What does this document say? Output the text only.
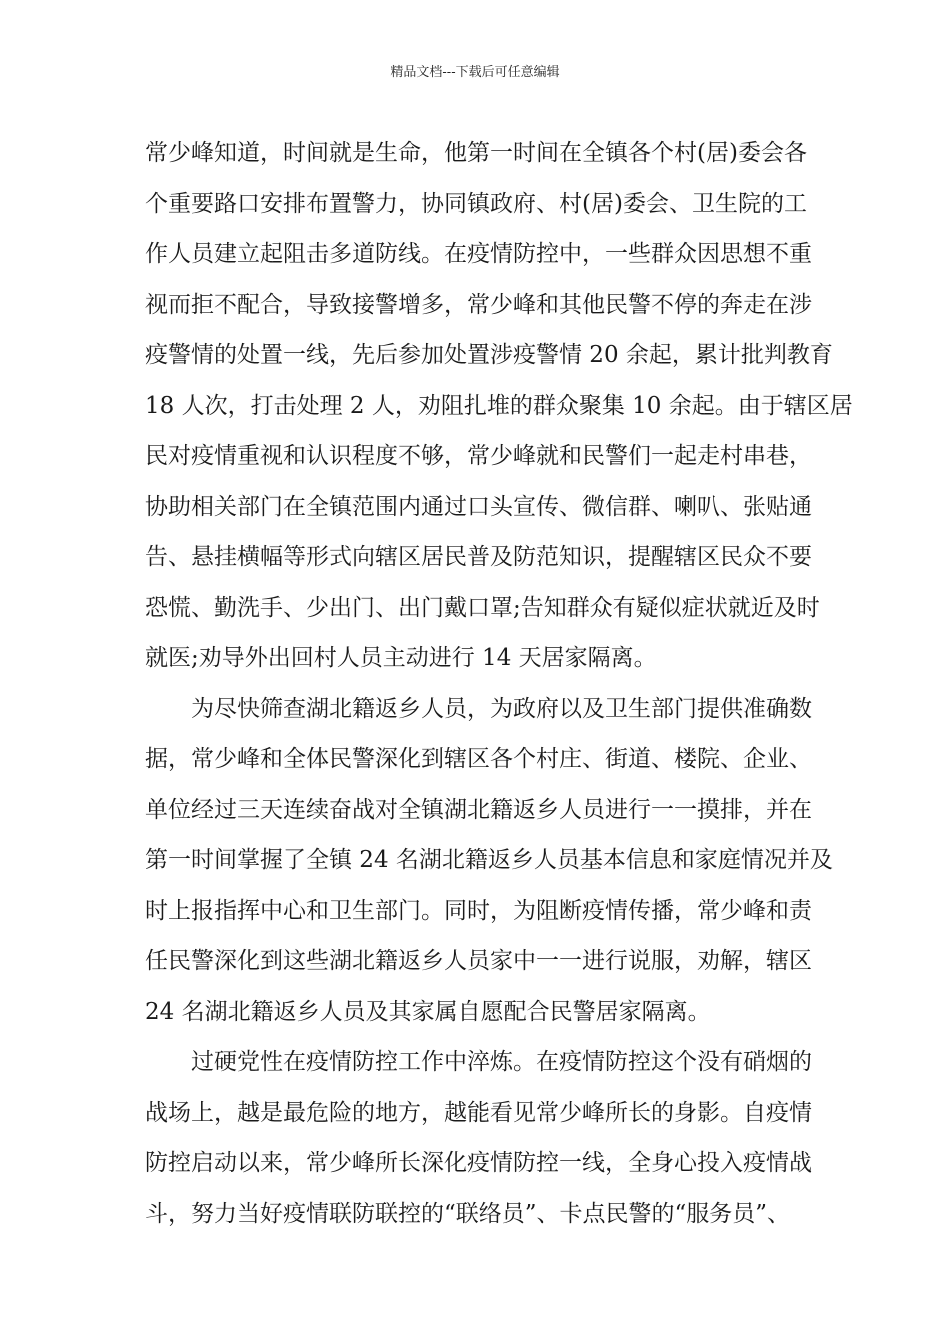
精品文档---下载后可任意编辑
常少峰知道，时间就是生命，他第一时间在全镇各个村(居)委会各
个重要路口安排布置警力，协同镇政府、村(居)委会、卫生院的工
作人员建立起阻击多道防线。在疫情防控中，一些群众因思想不重
视而拒不配合，导致接警增多，常少峰和其他民警不停的奔走在涉
疫警情的处置一线，先后参加处置涉疫警情 20 余起，累计批判教育
18 人次，打击处理 2 人，劝阻扎堆的群众聚集 10 余起。由于辖区居
民对疫情重视和认识程度不够，常少峰就和民警们一起走村串巷，
协助相关部门在全镇范围内通过口头宣传、微信群、喇叭、张贴通
告、悬挂横幅等形式向辖区居民普及防范知识，提醒辖区民众不要
恐慌、勤洗手、少出门、出门戴口罩;告知群众有疑似症状就近及时
就医;劝导外出回村人员主动进行 14 天居家隔离。
为尽快筛查湖北籍返乡人员，为政府以及卫生部门提供准确数
据，常少峰和全体民警深化到辖区各个村庄、街道、楼院、企业、
单位经过三天连续奋战对全镇湖北籍返乡人员进行一一摸排，并在
第一时间掌握了全镇 24 名湖北籍返乡人员基本信息和家庭情况并及
时上报指挥中心和卫生部门。同时，为阻断疫情传播，常少峰和责
任民警深化到这些湖北籍返乡人员家中一一进行说服，劝解，辖区
24 名湖北籍返乡人员及其家属自愿配合民警居家隔离。
过硬党性在疫情防控工作中淬炼。在疫情防控这个没有硝烟的
战场上，越是最危险的地方，越能看见常少峰所长的身影。自疫情
防控启动以来，常少峰所长深化疫情防控一线，全身心投入疫情战
斗，努力当好疫情联防联控的“联络员”、卡点民警的“服务员”、
